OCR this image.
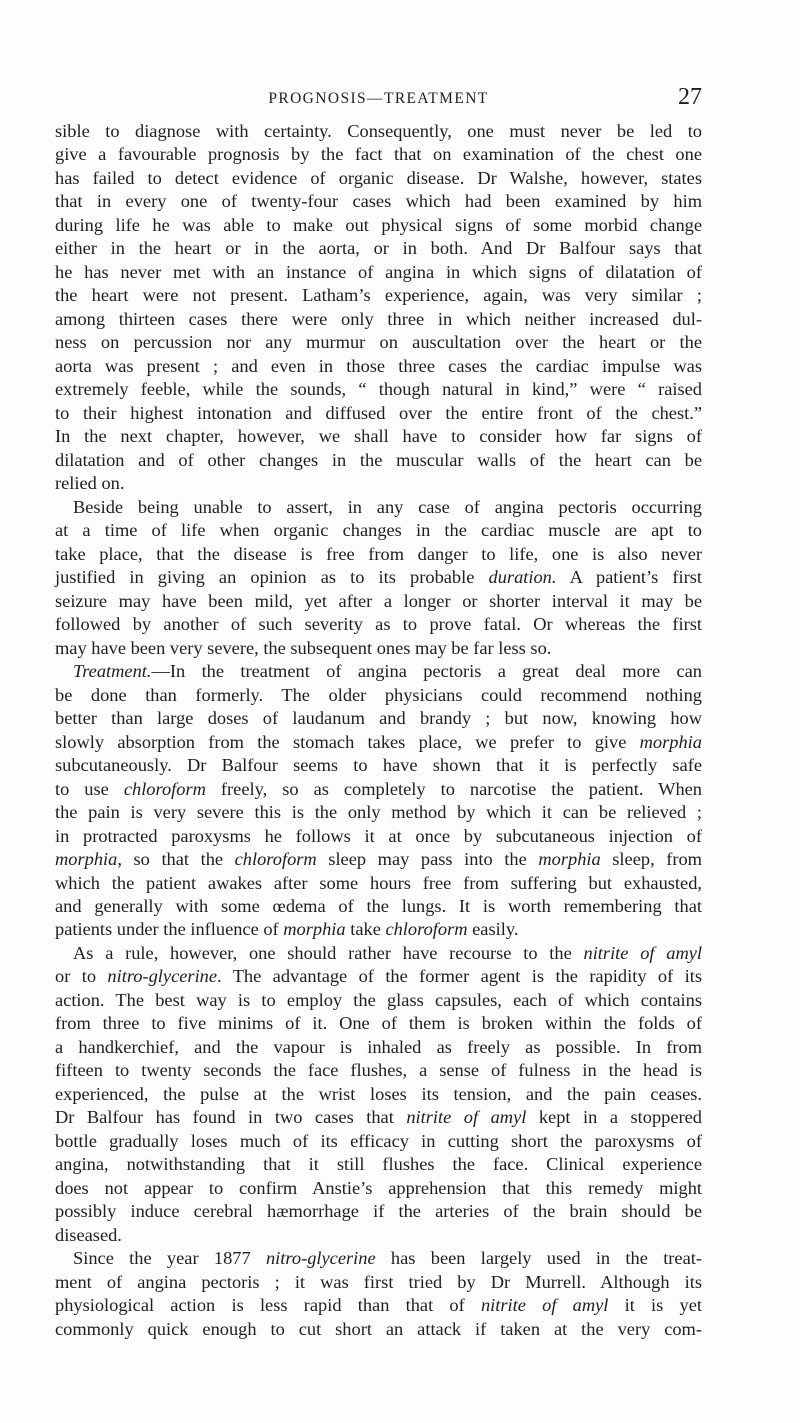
PROGNOSIS—TREATMENT	27
sible to diagnose with certainty. Consequently, one must never be led to
give a favourable prognosis by the fact that on examination of the chest one
has failed to detect evidence of organic disease. Dr Walshe, however, states
that in every one of twenty-four cases which had been examined by him
during life he was able to make out physical signs of some morbid change
either in the heart or in the aorta, or in both. And Dr Balfour says that
he has never met with an instance of angina in which signs of dilatation of
the heart were not present. Latham’s experience, again, was very similar ;
among thirteen cases there were only three in which neither increased dul-
ness on percussion nor any murmur on auscultation over the heart or the
aorta was present ; and even in those three cases the cardiac impulse was
extremely feeble, while the sounds, “ though natural in kind,” were “ raised
to their highest intonation and diffused over the entire front of the chest.”
In the next chapter, however, we shall have to consider how far signs of
dilatation and of other changes in the muscular walls of the heart can be
relied on.
Beside being unable to assert, in any case of angina pectoris occurring
at a time of life when organic changes in the cardiac muscle are apt to
take place, that the disease is free from danger to life, one is also never
justified in giving an opinion as to its probable duration. A patient’s first
seizure may have been mild, yet after a longer or shorter interval it may be
followed by another of such severity as to prove fatal. Or whereas the first
may have been very severe, the subsequent ones may be far less so.
Treatment.—In the treatment of angina pectoris a great deal more can
be done than formerly. The older physicians could recommend nothing
better than large doses of laudanum and brandy ; but now, knowing how
slowly absorption from the stomach takes place, we prefer to give morphia
subcutaneously. Dr Balfour seems to have shown that it is perfectly safe
to use chloroform freely, so as completely to narcotise the patient. When
the pain is very severe this is the only method by which it can be relieved ;
in protracted paroxysms he follows it at once by subcutaneous injection of
morphia, so that the chloroform sleep may pass into the morphia sleep, from
which the patient awakes after some hours free from suffering but exhausted,
and generally with some œdema of the lungs. It is worth remembering that
patients under the influence of morphia take chloroform easily.
As a rule, however, one should rather have recourse to the nitrite of amyl
or to nitro-glycerine. The advantage of the former agent is the rapidity of its
action. The best way is to employ the glass capsules, each of which contains
from three to five minims of it. One of them is broken within the folds of
a handkerchief, and the vapour is inhaled as freely as possible. In from
fifteen to twenty seconds the face flushes, a sense of fulness in the head is
experienced, the pulse at the wrist loses its tension, and the pain ceases.
Dr Balfour has found in two cases that nitrite of amyl kept in a stoppered
bottle gradually loses much of its efficacy in cutting short the paroxysms of
angina, notwithstanding that it still flushes the face. Clinical experience
does not appear to confirm Anstie’s apprehension that this remedy might
possibly induce cerebral hæmorrhage if the arteries of the brain should be
diseased.
Since the year 1877 nitro-glycerine has been largely used in the treat-
ment of angina pectoris ; it was first tried by Dr Murrell. Although its
physiological action is less rapid than that of nitrite of amyl it is yet
commonly quick enough to cut short an attack if taken at the very com-
